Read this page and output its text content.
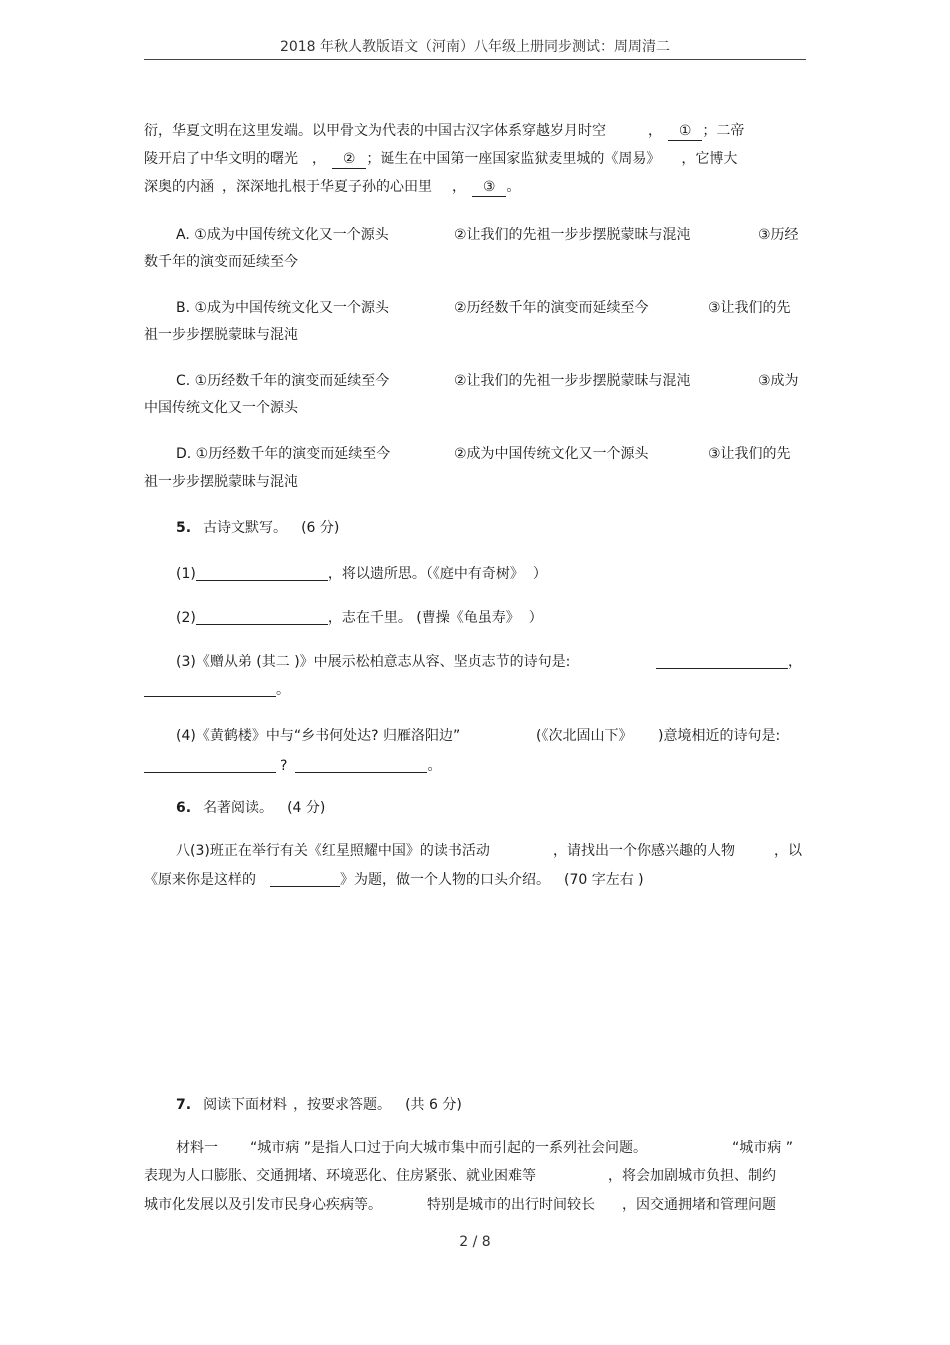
2018 年秋人教版语文（河南）八年级上册同步测试：周周清二
衍，华夏文明在这里发端。以甲骨文为代表的中国古汉字体系穿越岁月时空	， ① ；二帝
陵开启了中华文明的曙光 ， ② ；诞生在中国第一座国家监狱麦里城的《周易》 ，它博大
深奥的内涵 ，深深地扎根于华夏子孙的心田里 ， ③ 。
A. ①成为中国传统文化又一个源头	②让我们的先祖一步步摆脱蒙昧与混沌	③历经
数千年的演变而延续至今
B. ①成为中国传统文化又一个源头	②历经数千年的演变而延续至今	③让我们的先
祖一步步摆脱蒙昧与混沌
C. ①历经数千年的演变而延续至今	②让我们的先祖一步步摆脱蒙昧与混沌	③成为
中国传统文化又一个源头
D. ①历经数千年的演变而延续至今	②成为中国传统文化又一个源头	③让我们的先
祖一步步摆脱蒙昧与混沌
5. 古诗文默写。 (6 分)
(1)	，将以遗所思。（《庭中有奇树》 ）
(2)	，志在千里。 (曹操《龟虽寿》 ）
(3)《赠从弟 (其二 )》中展示松柏意志从容、坚贞志节的诗句是:	，
。
(4)《黄鹤楼》中与“乡书何处达? 归雁洛阳边”	(《次北固山下》 )意境相近的诗句是:
?	。
6. 名著阅读。 (4 分)
八(3)班正在举行有关《红星照耀中国》的读书活动	，请找出一个你感兴趣的人物	，以
《原来你是这样的	》为题，做一个人物的口头介绍。 (70 字左右 )
7. 阅读下面材料 ，按要求答题。 (共 6 分)
材料一 “城市病 ”是指人口过于向大城市集中而引起的一系列社会问题。	“城市病 ”
表现为人口膨胀、交通拥堵、环境恶化、住房紧张、就业困难等	，将会加剧城市负担、制约
城市化发展以及引发市民身心疾病等。	特别是城市的出行时间较长 ，因交通拥堵和管理问题
2 / 8
